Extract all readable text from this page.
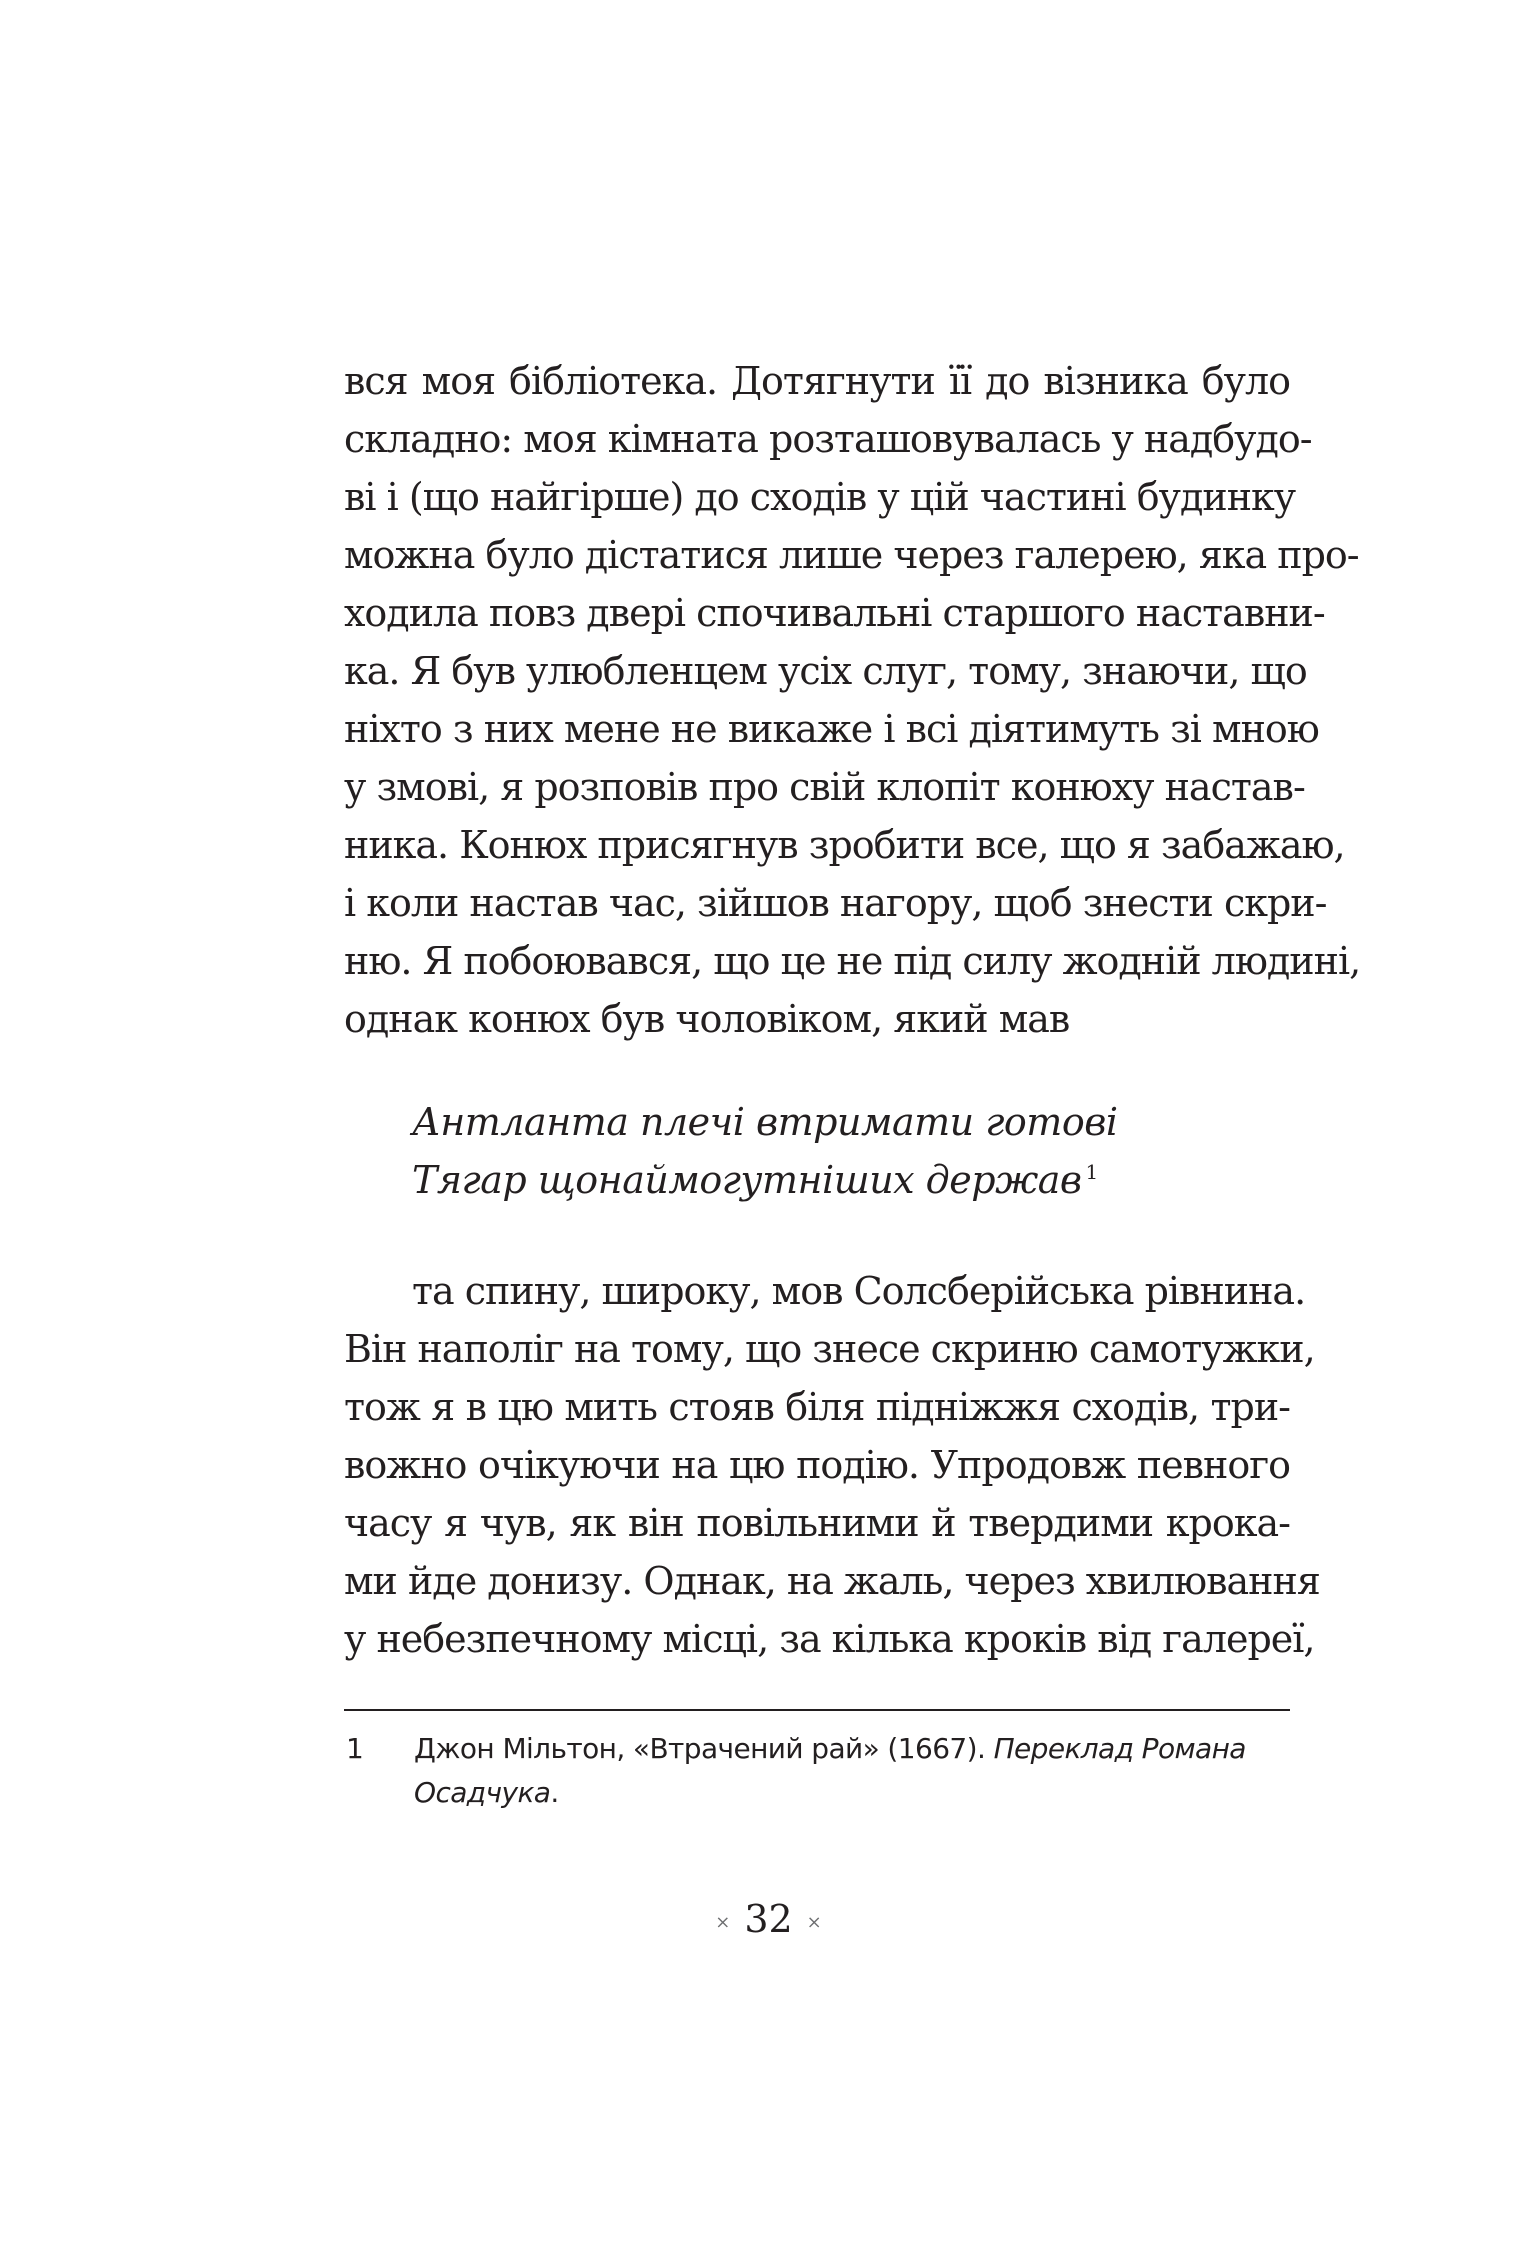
вся моя бібліотека. Дотягнути її до візника було
складно: моя кімната розташовувалась у надбудо-
ві і (що найгірше) до сходів у цій частині будинку
можна було дістатися лише через галерею, яка про-
ходила повз двері спочивальні старшого наставни-
ка. Я був улюбленцем усіх слуг, тому, знаючи, що
ніхто з них мене не викаже і всі діятимуть зі мною
у змові, я розповів про свій клопіт конюху настав-
ника. Конюх присягнув зробити все, що я забажаю,
і коли настав час, зійшов нагору, щоб знести скри-
ню. Я побоювався, що це не під силу жодній людині,
однак конюх був чоловіком, який мав
Антланта плечі втримати готові
Тягар щонаймогутніших держав $^1$
та спину, широку, мов Солсберійська рівнина.
Він наполіг на тому, що знесе скриню самотужки,
тож я в цю мить стояв біля підніжжя сходів, три-
вожно очікуючи на цю подію. Упродовж певного
часу я чув, як він повільними й твердими крока-
ми йде донизу. Однак, на жаль, через хвилювання
у небезпечному місці, за кілька кроків від галереї,
1 Джон Мільтон, «Втрачений рай» (1667). Переклад Романа
Осадчука.
× 32 ×
